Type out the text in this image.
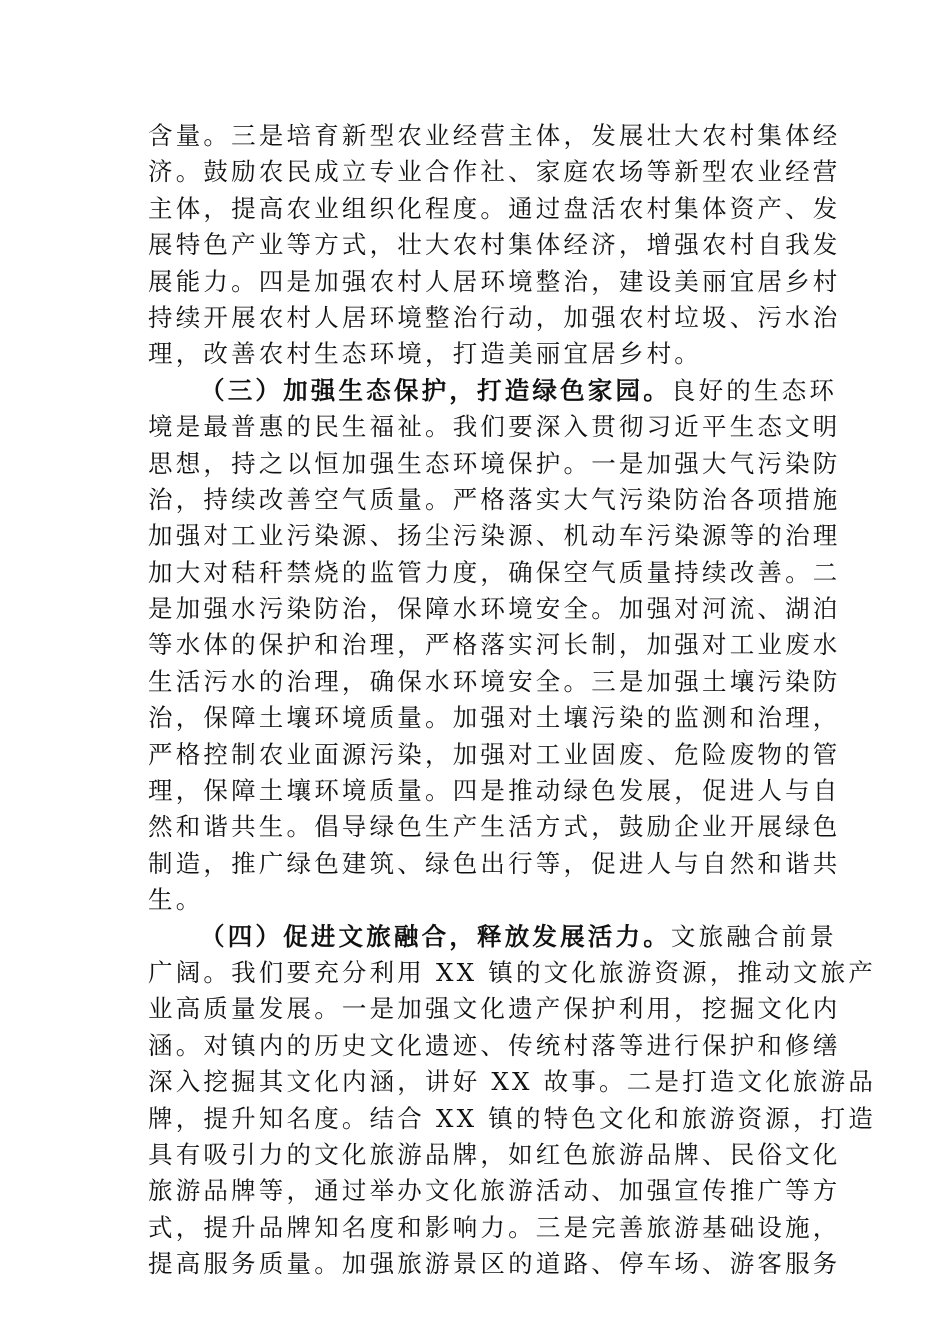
含量。三是培育新型农业经营主体，发展壮大农村集体经
济。鼓励农民成立专业合作社、家庭农场等新型农业经营
主体，提高农业组织化程度。通过盘活农村集体资产、发
展特色产业等方式，壮大农村集体经济，增强农村自我发
展能力。四是加强农村人居环境整治，建设美丽宜居乡村
持续开展农村人居环境整治行动，加强农村垃圾、污水治
理，改善农村生态环境，打造美丽宜居乡村。
（三）加强生态保护，打造绿色家园。良好的生态环
境是最普惠的民生福祉。我们要深入贯彻习近平生态文明
思想，持之以恒加强生态环境保护。一是加强大气污染防
治，持续改善空气质量。严格落实大气污染防治各项措施
加强对工业污染源、扬尘污染源、机动车污染源等的治理
加大对秸秆禁烧的监管力度，确保空气质量持续改善。二
是加强水污染防治，保障水环境安全。加强对河流、湖泊
等水体的保护和治理，严格落实河长制，加强对工业废水
生活污水的治理，确保水环境安全。三是加强土壤污染防
治，保障土壤环境质量。加强对土壤污染的监测和治理，
严格控制农业面源污染，加强对工业固废、危险废物的管
理，保障土壤环境质量。四是推动绿色发展，促进人与自
然和谐共生。倡导绿色生产生活方式，鼓励企业开展绿色
制造，推广绿色建筑、绿色出行等，促进人与自然和谐共
生。
（四）促进文旅融合，释放发展活力。文旅融合前景
广阔。我们要充分利用 XX 镇的文化旅游资源，推动文旅产
业高质量发展。一是加强文化遗产保护利用，挖掘文化内
涵。对镇内的历史文化遗迹、传统村落等进行保护和修缮
深入挖掘其文化内涵，讲好 XX 故事。二是打造文化旅游品
牌，提升知名度。结合 XX 镇的特色文化和旅游资源，打造
具有吸引力的文化旅游品牌，如红色旅游品牌、民俗文化
旅游品牌等，通过举办文化旅游活动、加强宣传推广等方
式，提升品牌知名度和影响力。三是完善旅游基础设施，
提高服务质量。加强旅游景区的道路、停车场、游客服务
